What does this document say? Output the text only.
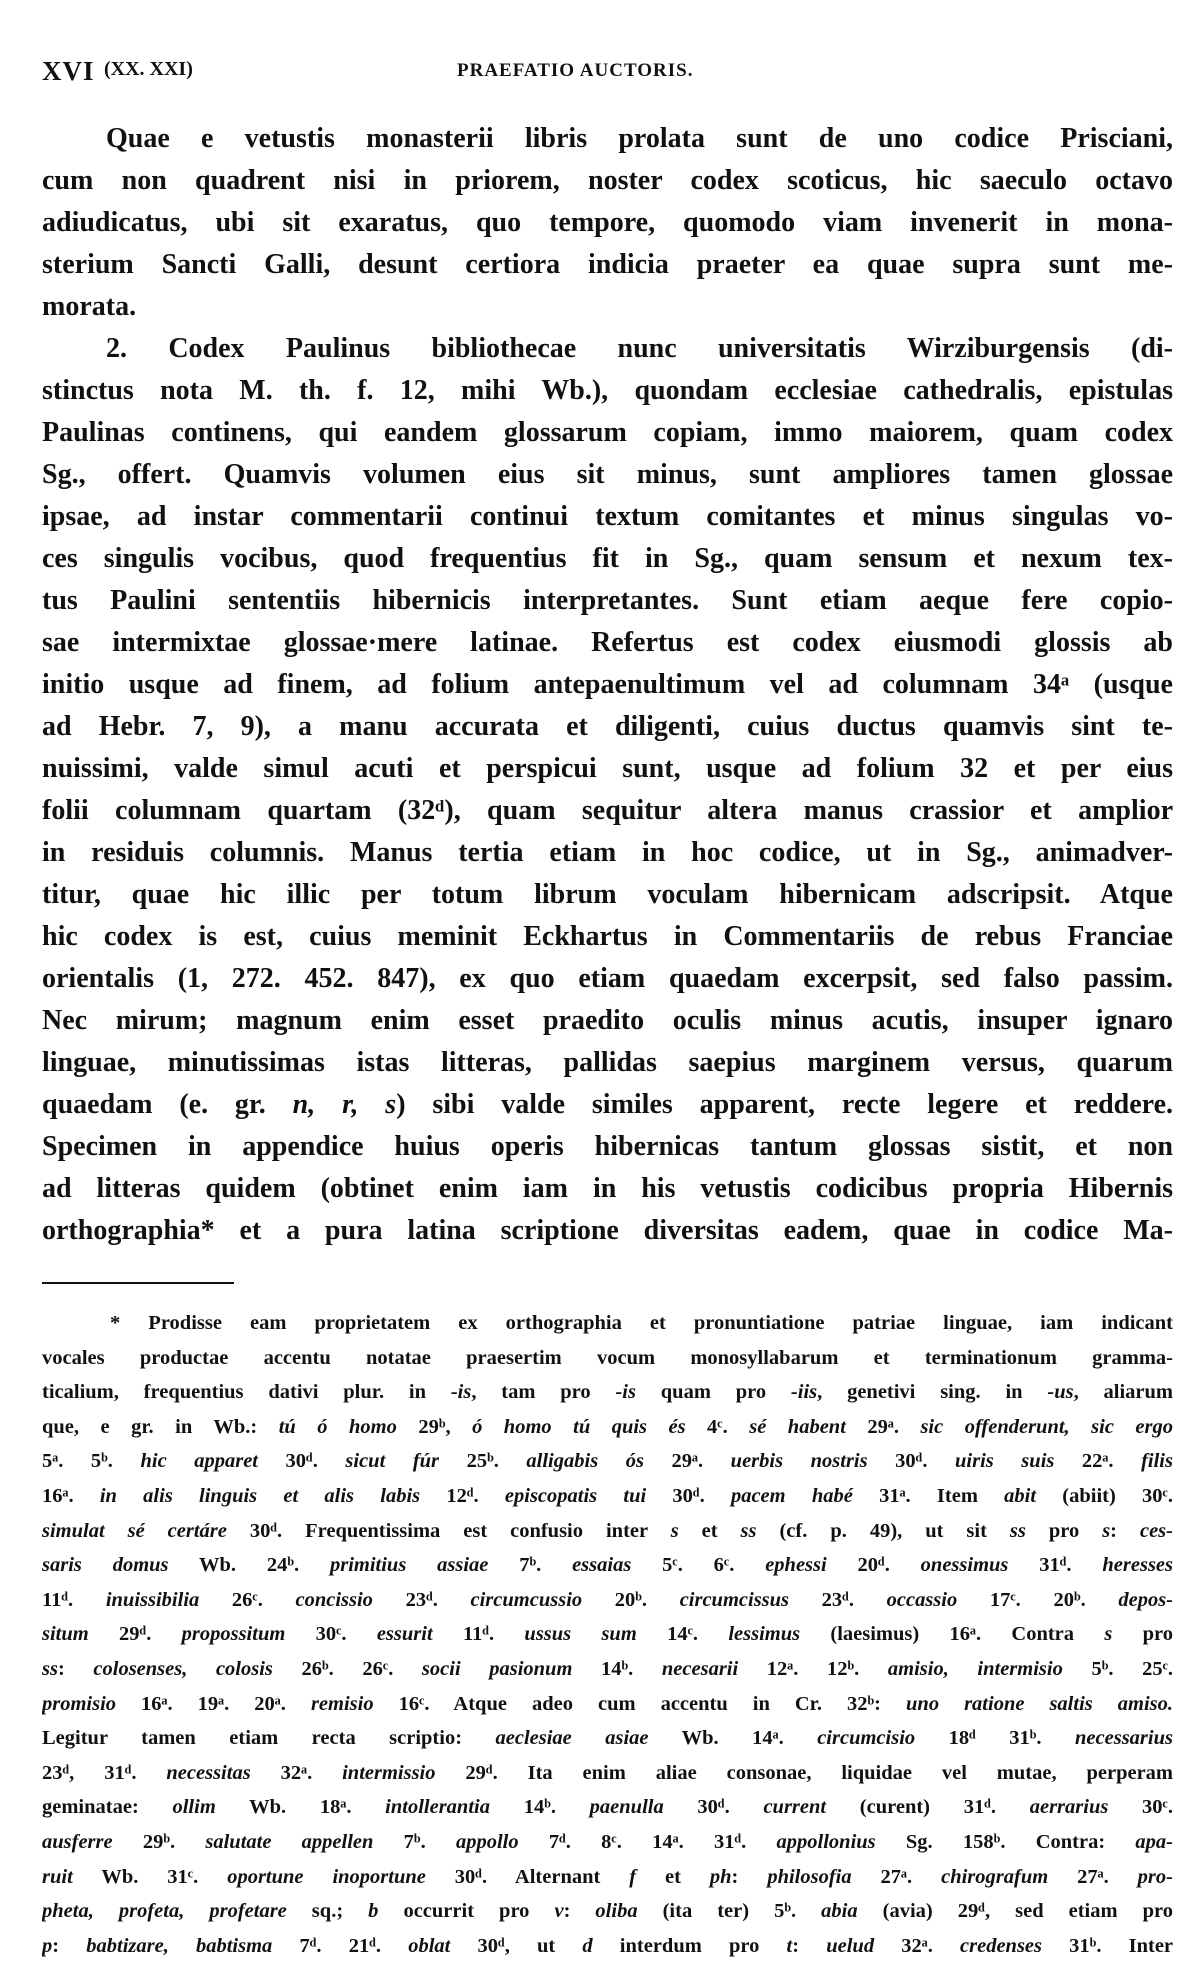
XVI (XX. XXI)	PRAEFATIO AUCTORIS.
Quae e vetustis monasterii libris prolata sunt de uno codice Prisciani,
cum non quadrent nisi in priorem, noster codex scoticus, hic saeculo octavo
adiudicatus, ubi sit exaratus, quo tempore, quomodo viam invenerit in mona-
sterium Sancti Galli, desunt certiora indicia praeter ea quae supra sunt me-
morata.
2. Codex Paulinus bibliothecae nunc universitatis Wirziburgensis (di-
stinctus nota M. th. f. 12, mihi Wb.), quondam ecclesiae cathedralis, epistulas
Paulinas continens, qui eandem glossarum copiam, immo maiorem, quam codex
Sg., offert. Quamvis volumen eius sit minus, sunt ampliores tamen glossae
ipsae, ad instar commentarii continui textum comitantes et minus singulas vo-
ces singulis vocibus, quod frequentius fit in Sg., quam sensum et nexum tex-
tus Paulini sententiis hibernicis interpretantes. Sunt etiam aeque fere copio-
sae intermixtae glossae·mere latinae. Refertus est codex eiusmodi glossis ab
initio usque ad finem, ad folium antepaenultimum vel ad columnam 34ᵃ (usque
ad Hebr. 7, 9), a manu accurata et diligenti, cuius ductus quamvis sint te-
nuissimi, valde simul acuti et perspicui sunt, usque ad folium 32 et per eius
folii columnam quartam (32ᵈ), quam sequitur altera manus crassior et amplior
in residuis columnis. Manus tertia etiam in hoc codice, ut in Sg., animadver-
titur, quae hic illic per totum librum voculam hibernicam adscripsit. Atque
hic codex is est, cuius meminit Eckhartus in Commentariis de rebus Franciae
orientalis (1, 272. 452. 847), ex quo etiam quaedam excerpsit, sed falso passim.
Nec mirum; magnum enim esset praedito oculis minus acutis, insuper ignaro
linguae, minutissimas istas litteras, pallidas saepius marginem versus, quarum
quaedam (e. gr. n, r, s) sibi valde similes apparent, recte legere et reddere.
Specimen in appendice huius operis hibernicas tantum glossas sistit, et non
ad litteras quidem (obtinet enim iam in his vetustis codicibus propria Hibernis
orthographia* et a pura latina scriptione diversitas eadem, quae in codice Ma-
* Prodisse eam proprietatem ex orthographia et pronuntiatione patriae linguae, iam indicant
vocales productae accentu notatae praesertim vocum monosyllabarum et terminationum gramma-
ticalium, frequentius dativi plur. in -is, tam pro -is quam pro -iis, genetivi sing. in -us, aliarum
que, e gr. in Wb.: tú ó homo 29ᵇ, ó homo tú quis és 4ᶜ. sé habent 29ᵃ. sic offenderunt, sic ergo
5ᵃ. 5ᵇ. hic apparet 30ᵈ. sicut fúr 25ᵇ. alligabis ós 29ᵃ. uerbis nostris 30ᵈ. uiris suis 22ᵃ. filis
16ᵃ. in alis linguis et alis labis 12ᵈ. episcopatis tui 30ᵈ. pacem habé 31ᵃ. Item abit (abiit) 30ᶜ.
simulat sé certáre 30ᵈ. Frequentissima est confusio inter s et ss (cf. p. 49), ut sit ss pro s: ces-
saris domus Wb. 24ᵇ. primitius assiae 7ᵇ. essaias 5ᶜ. 6ᶜ. ephessi 20ᵈ. onessimus 31ᵈ. heresses
11ᵈ. inuissibilia 26ᶜ. concissio 23ᵈ. circumcussio 20ᵇ. circumcissus 23ᵈ. occassio 17ᶜ. 20ᵇ. depos-
situm 29ᵈ. propossitum 30ᶜ. essurit 11ᵈ. ussus sum 14ᶜ. lessimus (laesimus) 16ᵃ. Contra s pro
ss: colosenses, colosis 26ᵇ. 26ᶜ. socii pasionum 14ᵇ. necesarii 12ᵃ. 12ᵇ. amisio, intermisio 5ᵇ. 25ᶜ.
promisio 16ᵃ. 19ᵃ. 20ᵃ. remisio 16ᶜ. Atque adeo cum accentu in Cr. 32ᵇ: uno ratione saltis amiso.
Legitur tamen etiam recta scriptio: aeclesiae asiae Wb. 14ᵃ. circumcisio 18ᵈ 31ᵇ. necessarius
23ᵈ, 31ᵈ. necessitas 32ᵃ. intermissio 29ᵈ. Ita enim aliae consonae, liquidae vel mutae, perperam
geminatae: ollim Wb. 18ᵃ. intollerantia 14ᵇ. paenulla 30ᵈ. current (curent) 31ᵈ. aerrarius 30ᶜ.
ausferre 29ᵇ. salutate appellen 7ᵇ. appollo 7ᵈ. 8ᶜ. 14ᵃ. 31ᵈ. appollonius Sg. 158ᵇ. Contra: apa-
ruit Wb. 31ᶜ. oportune inoportune 30ᵈ. Alternant f et ph: philosofia 27ᵃ. chirografum 27ᵃ. pro-
pheta, profeta, profetare sq.; b occurrit pro v: oliba (ita ter) 5ᵇ. abia (avia) 29ᵈ, sed etiam pro
p: babtizare, babtisma 7ᵈ. 21ᵈ. oblat 30ᵈ, ut d interdum pro t: uelud 32ᵃ. credenses 31ᵇ. Inter
